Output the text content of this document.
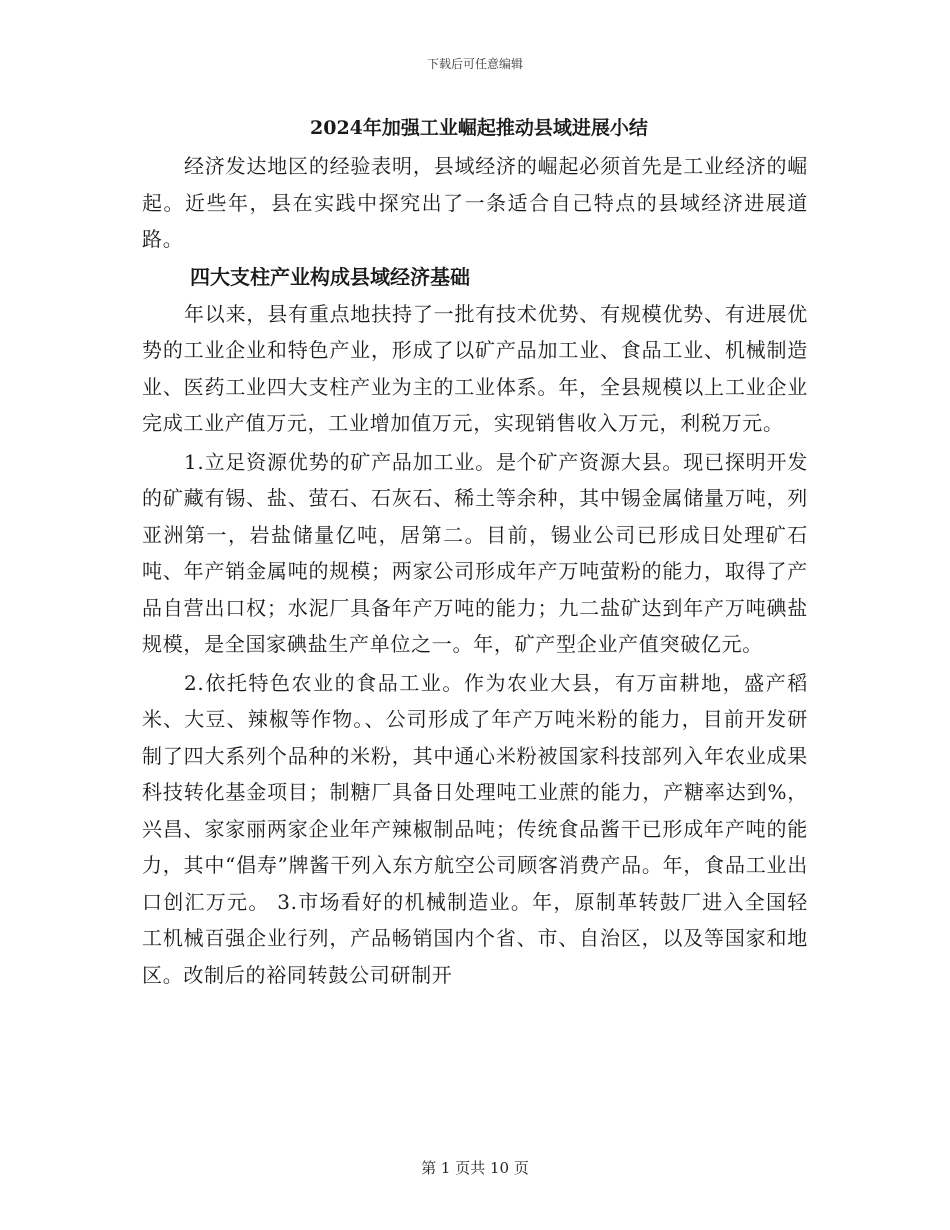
下载后可任意编辑
2024年加强工业崛起推动县域进展小结

经济发达地区的经验表明，县域经济的崛起必须首先是工业经济的崛起。近些年，县在实践中探究出了一条适合自己特点的县域经济进展道路。

四大支柱产业构成县域经济基础

年以来，县有重点地扶持了一批有技术优势、有规模优势、有进展优势的工业企业和特色产业，形成了以矿产品加工业、食品工业、机械制造业、医药工业四大支柱产业为主的工业体系。年，全县规模以上工业企业完成工业产值万元，工业增加值万元，实现销售收入万元，利税万元。

1.立足资源优势的矿产品加工业。是个矿产资源大县。现已探明开发的矿藏有锡、盐、萤石、石灰石、稀土等余种，其中锡金属储量万吨，列亚洲第一，岩盐储量亿吨，居第二。目前，锡业公司已形成日处理矿石吨、年产销金属吨的规模；两家公司形成年产万吨萤粉的能力，取得了产品自营出口权；水泥厂具备年产万吨的能力；九二盐矿达到年产万吨碘盐规模，是全国家碘盐生产单位之一。年，矿产型企业产值突破亿元。

2.依托特色农业的食品工业。作为农业大县，有万亩耕地，盛产稻米、大豆、辣椒等作物。、公司形成了年产万吨米粉的能力，目前开发研制了四大系列个品种的米粉，其中通心米粉被国家科技部列入年农业成果科技转化基金项目；制糖厂具备日处理吨工业蔗的能力，产糖率达到%，兴昌、家家丽两家企业年产辣椒制品吨；传统食品酱干已形成年产吨的能力，其中“倡寿”牌酱干列入东方航空公司顾客消费产品。年，食品工业出口创汇万元。 3.市场看好的机械制造业。年，原制革转鼓厂进入全国轻工机械百强企业行列，产品畅销国内个省、市、自治区，以及等国家和地区。改制后的裕同转鼓公司研制开

第 1 页共 10 页
